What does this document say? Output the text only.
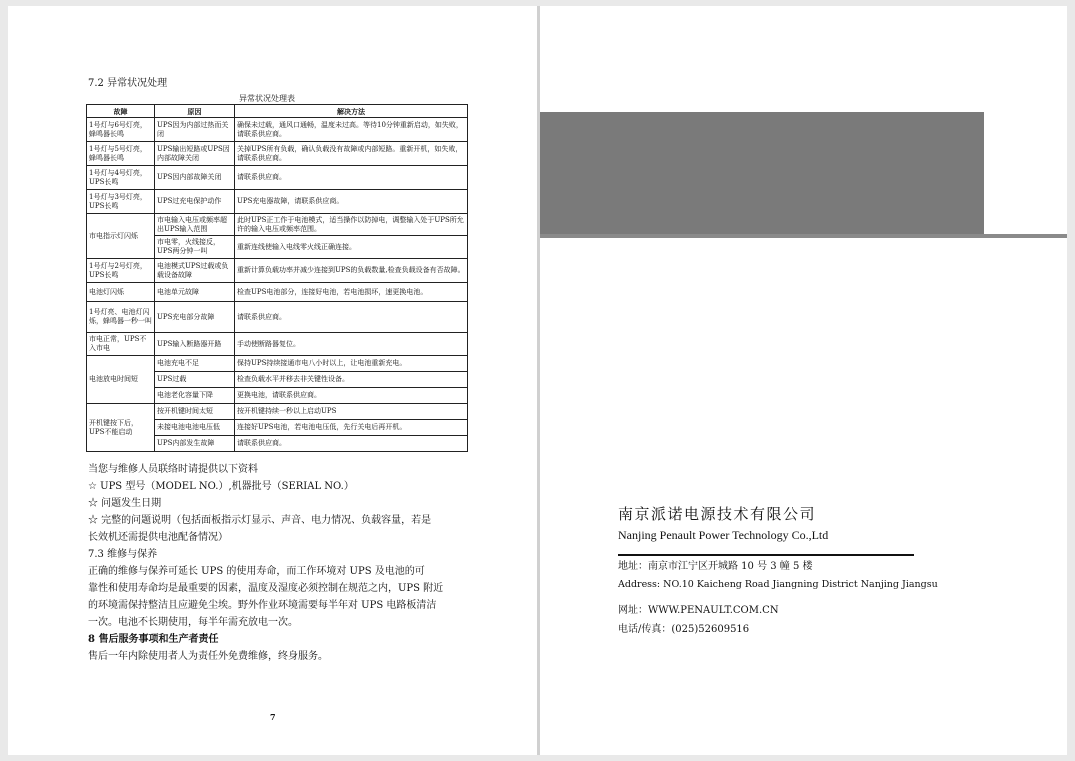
7.2 异常状况处理
异常状况处理表
故障	原因	解决方法
1号灯与6号灯亮，蜂鸣器长鸣	UPS因为内部过热而关闭	确保未过载，通风口通畅，温度未过高。等待10分钟重新启动，如失败，请联系供应商。
1号灯与5号灯亮，蜂鸣器长鸣	UPS输出短路或UPS因内部故障关闭	关掉UPS所有负载，确认负载没有故障或内部短路。重新开机，如失败，请联系供应商。
1号灯与4号灯亮，UPS长鸣	UPS因内部故障关闭	请联系供应商。
1号灯与3号灯亮，UPS长鸣	UPS过充电保护动作	UPS充电器故障，请联系供应商。
市电指示灯闪烁	市电输入电压或频率超出UPS输入范围	此时UPS正工作于电池模式，适当操作以防掉电，调整输入处于UPS所允许的输入电压或频率范围。
	市电零，火线接反，UPS两分钟一叫	重新连线使输入电线零火线正确连接。
1号灯与2号灯亮，UPS长鸣	电池模式UPS过载或负载设备故障	重新计算负载功率并减少连接到UPS的负载数量,检查负载设备有否故障。
电池灯闪烁	电池单元故障	检查UPS电池部分，连接好电池，若电池损坏，速更换电池。
1号灯亮、电池灯闪烁，蜂鸣器一秒一叫	UPS充电部分故障	请联系供应商。
市电正常，UPS不入市电	UPS输入断路器开路	手动使断路器复位。
电池放电时间短	电池充电不足	保持UPS持续接通市电八小时以上，让电池重新充电。
	UPS过载	检查负载水平并移去非关键性设备。
	电池老化容量下降	更换电池，请联系供应商。
开机键按下后，UPS不能启动	按开机键时间太短	按开机键持续一秒以上启动UPS
	未接电池电池电压低	连接好UPS电池，若电池电压低，先行关电后再开机。
	UPS内部发生故障	请联系供应商。
当您与维修人员联络时请提供以下资料
☆ UPS 型号（MODEL NO.）,机器批号（SERIAL NO.）
☆ 问题发生日期
☆ 完整的问题说明（包括面板指示灯显示、声音、电力情况、负载容量，若是
长效机还需提供电池配备情况）
7.3 维修与保养
正确的维修与保养可延长 UPS 的使用寿命，而工作环境对 UPS 及电池的可
靠性和使用寿命均是最重要的因素，温度及湿度必须控制在规范之内，UPS 附近
的环境需保持整洁且应避免尘埃。野外作业环境需要每半年对 UPS 电路板清洁
一次。电池不长期使用，每半年需充放电一次。
8 售后服务事项和生产者责任
售后一年内除使用者人为责任外免费维修，终身服务。
7
南京派诺电源技术有限公司
Nanjing Penault Power Technology Co.,Ltd
地址：南京市江宁区开城路 10 号 3 幢 5 楼
Address: NO.10 Kaicheng Road Jiangning District Nanjing Jiangsu
网址：WWW.PENAULT.COM.CN
电话/传真：(025)52609516
